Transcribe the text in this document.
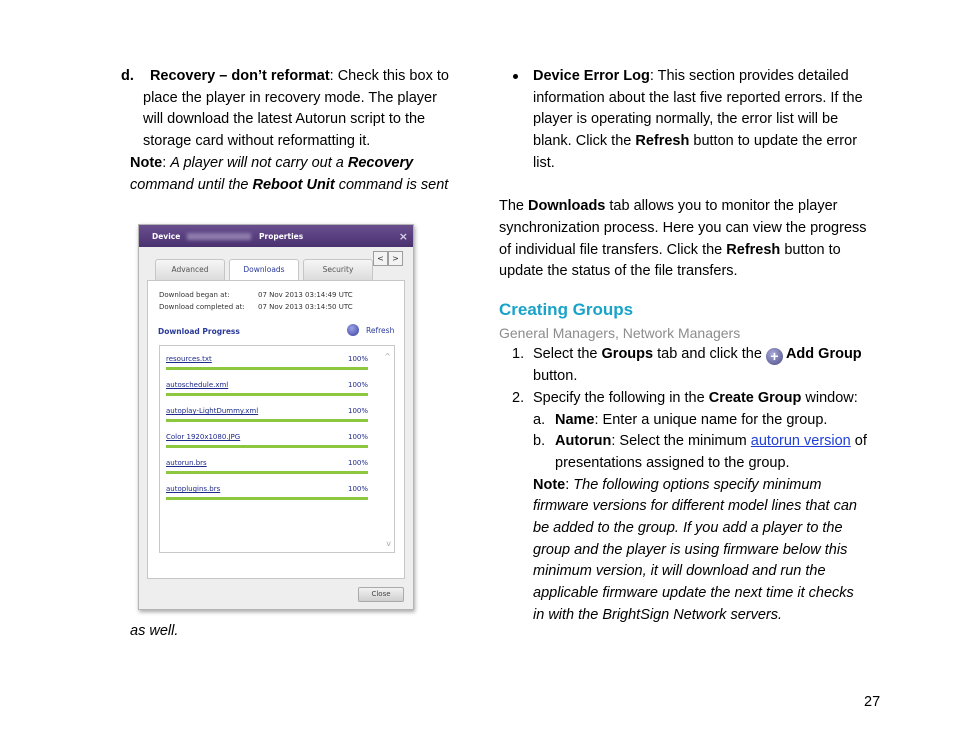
d. Recovery – don’t reformat: Check this box to
place the player in recovery mode. The player
will download the latest Autorun script to the
storage card without reformatting it.
Note: A player will not carry out a Recovery
command until the Reboot Unit command is sent
Device	Properties	×
Advanced	Downloads	Security
<	>
Download began at:	07 Nov 2013 03:14:49 UTC
Download completed at: 07 Nov 2013 03:14:50 UTC
Download Progress	Refresh
resources.txt	100%
autoschedule.xml	100%
autoplay-LightDummy.xml	100%
Color 1920x1080.JPG	100%
autorun.brs	100%
autoplugins.brs	100%
^
v
Close
as well.
Device Error Log: This section provides detailed
information about the last five reported errors. If the
player is operating normally, the error list will be
blank. Click the Refresh button to update the error
list.
The Downloads tab allows you to monitor the player
synchronization process. Here you can view the progress
of individual file transfers. Click the Refresh button to
update the status of the file transfers.
Creating Groups
General Managers, Network Managers
1. Select the Groups tab and click the + Add Group
button.
2. Specify the following in the Create Group window:
a. Name: Enter a unique name for the group.
b. Autorun: Select the minimum autorun version of
presentations assigned to the group.
Note: The following options specify minimum
firmware versions for different model lines that can
be added to the group. If you add a player to the
group and the player is using firmware below this
minimum version, it will download and run the
applicable firmware update the next time it checks
in with the BrightSign Network servers.
27
